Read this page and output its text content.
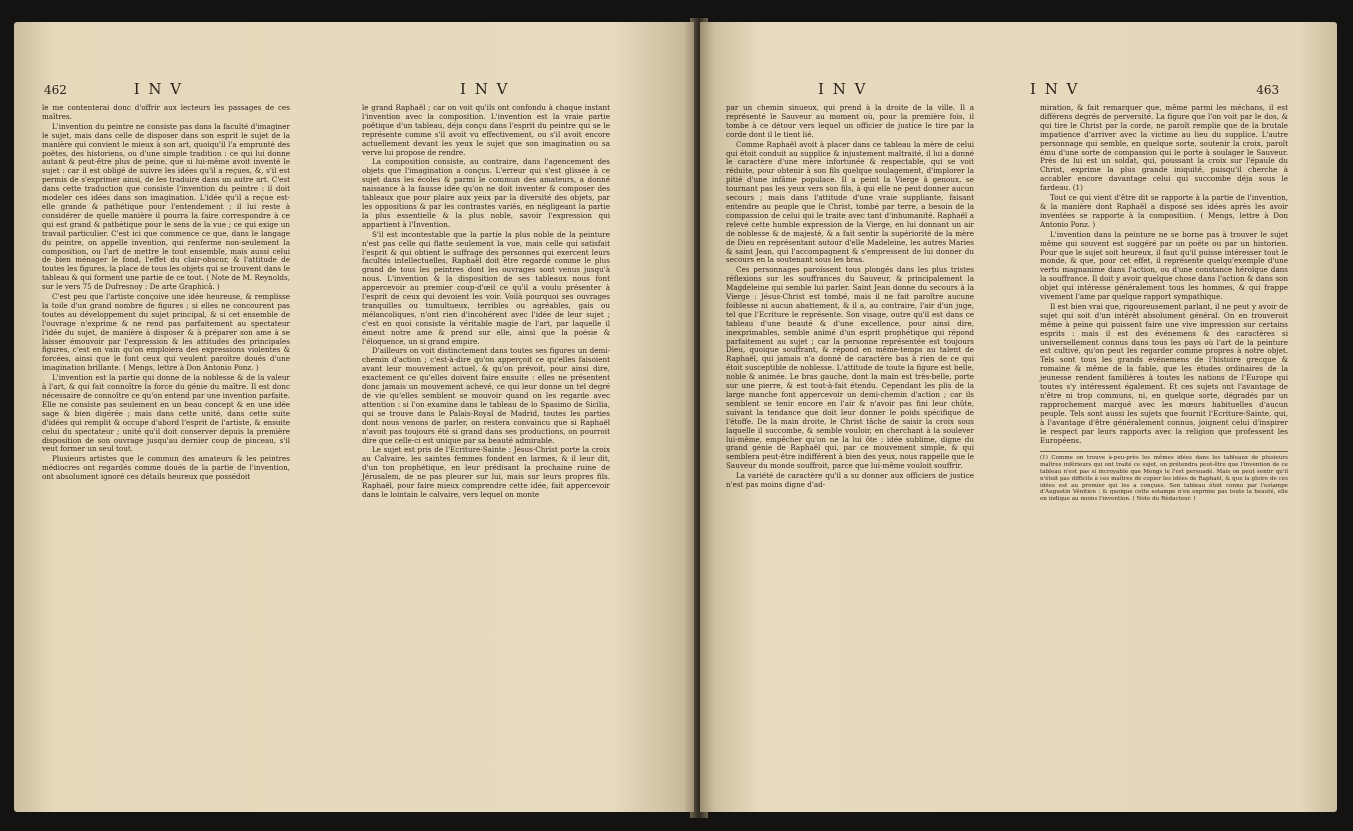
462	I N V	I N V

le me contenterai donc d'offrir aux lecteurs les passages de ces maîtres.

L'invention du peintre ne consiste pas dans la faculté d'imaginer le sujet, mais dans celle de disposer dans son esprit le sujet de la manière qui convient le mieux à son art, quoiqu'il l'a emprunté des poëtes, des historiens, ou d'une simple tradition : ce qui lui donne autant & peut-être plus de peine, que si lui-même avoit inventé le sujet : car il est obligé de suivre les idées qu'il a reçues, &, s'il est permis de s'exprimer ainsi, de les traduire dans un autre art. C'est dans cette traduction que consiste l'invention du peintre : il doit modeler ces idées dans son imagination. L'idée qu'il a reçue est-elle grande & pathétique pour l'entendement ; il lui reste à considérer de quelle manière il pourra la faire correspondre à ce qui est grand & pathétique pour le sens de la vue ; ce qui exige un travail particulier. C'est ici que commence ce que, dans le langage du peintre, on appelle invention, qui renferme non-seulement la composition, ou l'art de mettre le tout ensemble, mais aussi celui de bien ménager le fond, l'effet du clair-obscur, & l'attitude de toutes les figures, la place de tous les objets qui se trouvent dans le tableau & qui forment une partie de ce tout. ( Note de M. Reynolds, sur le vers 75 de Dufresnoy : De arte Graphicâ. )

C'est peu que l'artiste conçoive une idée heureuse, & remplisse la toile d'un grand nombre de figures ; si elles ne concourent pas toutes au développement du sujet principal, & si cet ensemble de l'ouvrage n'exprime & ne rend pas parfaitement au spectateur l'idée du sujet, de manière à disposer & à préparer son ame à se laisser émouvoir par l'expression & les attitudes des principales figures, c'est en vain qu'on emploiera des expressions violentes & forcées, ainsi que le font ceux qui veulent paroître doués d'une imagination brillante. ( Mengs, lettre à Don Antonio Ponz. )

L'invention est la partie qui donne de la noblesse & de la valeur à l'art, & qui fait connoître la force du génie du maître. Il est donc nécessaire de connoître ce qu'on entend par une invention parfaite. Elle ne consiste pas seulement en un beau concept & en une idée sage & bien digérée ; mais dans cette unité, dans cette suite d'idées qui remplit & occupe d'abord l'esprit de l'artiste, & ensuite celui du spectateur ; unité qu'il doit conserver depuis la première disposition de son ouvrage jusqu'au dernier coup de pinceau, s'il veut former un seul tout.

Plusieurs artistes que le commun des amateurs & les peintres médiocres ont regardés comme doués de la partie de l'invention, ont absolument ignoré ces détails heureux que possédoit

le grand Raphaël ; car on voit qu'ils ont confondu à chaque instant l'invention avec la composition. L'invention est la vraie partie poëtique d'un tableau, déja conçu dans l'esprit du peintre qui se le représente comme s'il avoit vu effectivement, ou s'il avoit encore actuellement devant les yeux le sujet que son imagination ou sa verve lui propose de rendre.

La composition consiste, au contraire, dans l'agencement des objets que l'imagination a conçus. L'erreur qui s'est glissée à ce sujet dans les écoles & parmi le commun des amateurs, a donné naissance à la fausse idée qu'on ne doit inventer & composer des tableaux que pour plaire aux yeux par la diversité des objets, par les oppositions & par les contrastes variés, en négligeant la partie la plus essentielle & la plus noble, savoir l'expression qui appartient à l'Invention.

S'il est incontestable que la partie la plus noble de la peinture n'est pas celle qui flatte seulement la vue, mais celle qui satisfait l'esprit & qui obtient le suffrage des personnes qui exercent leurs facultés intellectuelles, Raphaël doit être regardé comme le plus grand de tous les peintres dont les ouvrages sont venus jusqu'à nous. L'invention & la disposition de ses tableaux nous font appercevoir au premier coup-d'œil ce qu'il a voulu présenter à l'esprit de ceux qui devoient les voir. Voilà pourquoi ses ouvrages tranquilles ou tumultueux, terribles ou agréables, gais ou mélancoliques, n'ont rien d'incohérent avec l'idée de leur sujet ; c'est en quoi consiste la véritable magie de l'art, par laquelle il émeut notre ame & prend sur elle, ainsi que la poésie & l'éloquence, un si grand empire.

D'ailleurs on voit distinctement dans toutes ses figures un demi-chemin d'action ; c'est-à-dire qu'on apperçoit ce qu'elles faisoient avant leur mouvement actuel, & qu'on prévoit, pour ainsi dire, exactement ce qu'elles doivent faire ensuite : elles ne présentent donc jamais un mouvement achevé, ce qui leur donne un tel degré de vie qu'elles semblent se mouvoir quand on les regarde avec attention : si l'on examine dans le tableau de lo Spasimo de Sicilia, qui se trouve dans le Palais-Royal de Madrid, toutes les parties dont nous venons de parler, on restera convaincu que si Raphaël n'avoit pas toujours été si grand dans ses productions, on pourroit dire que celle-ci est unique par sa beauté admirable.

Le sujet est pris de l'Ecriture-Sainte : Jésus-Christ porte la croix au Calvaire, les saintes femmes fondent en larmes, & il leur dit, d'un ton prophétique, en leur prédisant la prochaine ruine de Jérusalem, de ne pas pleurer sur lui, mais sur leurs propres fils. Raphaël, pour faire mieux comprendre cette idée, fait appercevoir dans le lointain le calvaire, vers lequel on monte

I N V	I N V	463

par un chemin sinueux, qui prend à la droite de la ville. Il a représenté le Sauveur au moment où, pour la première fois, il tombe à ce détour vers lequel un officier de justice le tire par la corde dont il le tient lié.

Comme Raphaël avoit à placer dans ce tableau la mère de celui qui étoit conduit au supplice & injustement maltraité, il lui a donné le caractère d'une mère infortunée & respectable, qui se voit réduite, pour obtenir à son fils quelque soulagement, d'implorer la pitié d'une infâme populace. Il a peint la Vierge à genoux, se tournant pas les yeux vers son fils, à qui elle ne peut donner aucun secours ; mais dans l'attitude d'une vraie suppliante, faisant entendre au peuple que le Christ, tombé par terre, a besoin de la compassion de celui qui le traite avec tant d'inhumanité. Raphaël a relevé cette humble expression de la Vierge, en lui donnant un air de noblesse & de majesté, & a fait sentir la supériorité de la mère de Dieu en représentant autour d'elle Madeleine, les autres Maries & saint Jean, qui l'accompagnent & s'empressent de lui donner du secours en la soutenant sous les bras.

Ces personnages paroissent tous plongés dans les plus tristes réflexions sur les souffrances du Sauveur, & principalement la Magdeleine qui semble lui parler. Saint Jean donne du secours à la Vierge : Jésus-Christ est tombé, mais il ne fait paroître aucune foiblesse ni aucun abattement, & il a, au contraire, l'air d'un juge, tel que l'Ecriture le représente. Son visage, outre qu'il est dans ce tableau d'une beauté & d'une excellence, pour ainsi dire, inexprimables, semble animé d'un esprit prophétique qui répond parfaitement au sujet ; car la personne représentée est toujours Dieu, quoique souffrant, & répond en même-temps au talent de Raphaël, qui jamais n'a donné de caractère bas à rien de ce qui étoit susceptible de noblesse. L'attitude de toute la figure est belle, noble & animée. Le bras gauche, dont la main est très-belle, porte sur une pierre, & est tout-à-fait étendu. Cependant les plis de la large manche font appercevoir un demi-chemin d'action ; car ils semblent se tenir encore en l'air & n'avoir pas fini leur chûte, suivant la tendance que doit leur donner le poids spécifique de l'étoffe. De la main droite, le Christ tâche de saisir la croix sous laquelle il succombe, & semble vouloir, en cherchant à la soulever lui-même, empêcher qu'on ne la lui ôte : idée sublime, digne du grand génie de Raphaël qui, par ce mouvement simple, & qui semblera peut-être indifférent à bien des yeux, nous rappelle que le Sauveur du monde souffroit, parce que lui-même vouloit souffrir.

La variété de caractère qu'il a su donner aux officiers de justice n'est pas moins digne d'ad-

miration, & fait remarquer que, même parmi les méchans, il est différens degrés de perversité. La figure que l'on voit par le dos, & qui tire le Christ par la corde, ne paroît remplie que de la brutale impatience d'arriver avec la victime au lieu du supplice. L'autre personnage qui semble, en quelque sorte, soutenir la croix, paroît ému d'une sorte de compassion qui le porte à soulager le Sauveur. Près de lui est un soldat, qui, poussant la croix sur l'épaule du Christ, exprime la plus grande iniquité, puisqu'il cherche à accabler encore davantage celui qui succombe déja sous le fardeau. (1)

Tout ce qui vient d'être dit se rapporte à la partie de l'invention, & la manière dont Raphaël a disposé ses idées après les avoir inventées se rapporte à la composition. ( Mengs, lettre à Don Antonio Ponz. )

L'invention dans la peinture ne se borne pas à trouver le sujet même qui souvent est suggéré par un poëte ou par un historien. Pour que le sujet soit heureux, il faut qu'il puisse intéresser tout le monde, & que, pour cet effet, il représente quelqu'exemple d'une vertu magnanime dans l'action, ou d'une constance héroïque dans la souffrance. Il doit y avoir quelque chose dans l'action & dans son objet qui intéresse généralement tous les hommes, & qui frappe vivement l'ame par quelque rapport sympathique.

Il est bien vrai que, rigoureusement parlant, il ne peut y avoir de sujet qui soit d'un intérêt absolument général. On en trouveroit même à peine qui puissent faire une vive impression sur certains esprits : mais il est des événemens & des caractères si universellement connus dans tous les pays où l'art de la peinture est cultivé, qu'on peut les regarder comme propres à notre objet. Tels sont tous les grands événemens de l'histoire grecque & romaine & même de la fable, que les études ordinaires de la jeunesse rendent familières à toutes les nations de l'Europe qui toutes s'y intéressent également. Et ces sujets ont l'avantage de n'être ni trop communs, ni, en quelque sorte, dégradés par un rapprochement marqué avec les mœurs habituelles d'aucun peuple. Tels sont aussi les sujets que fournit l'Ecriture-Sainte, qui, à l'avantage d'être généralement connus, joignent celui d'inspirer le respect par leurs rapports avec la religion que professent les Européens.

(1) Comme on trouve à-peu-près les mêmes idées dans les tableaux de plusieurs maîtres inférieurs qui ont traité ce sujet, on prétendra peut-être que l'invention de ce tableau n'est pas si incroyable que Mengs le l'est persuadé. Mais on peut sentir qu'il n'étoit pas difficile à ces maîtres de copier les idées de Raphaël, & que la gloire de ces idées est au premier qui les a conçues. Son tableau étoit connu par l'estampe d'Augustin Vénitien : & quoique cette estampe n'en exprime pas toute la beauté, elle en indique au moins l'invention. ( Note du Rédacteur. )
